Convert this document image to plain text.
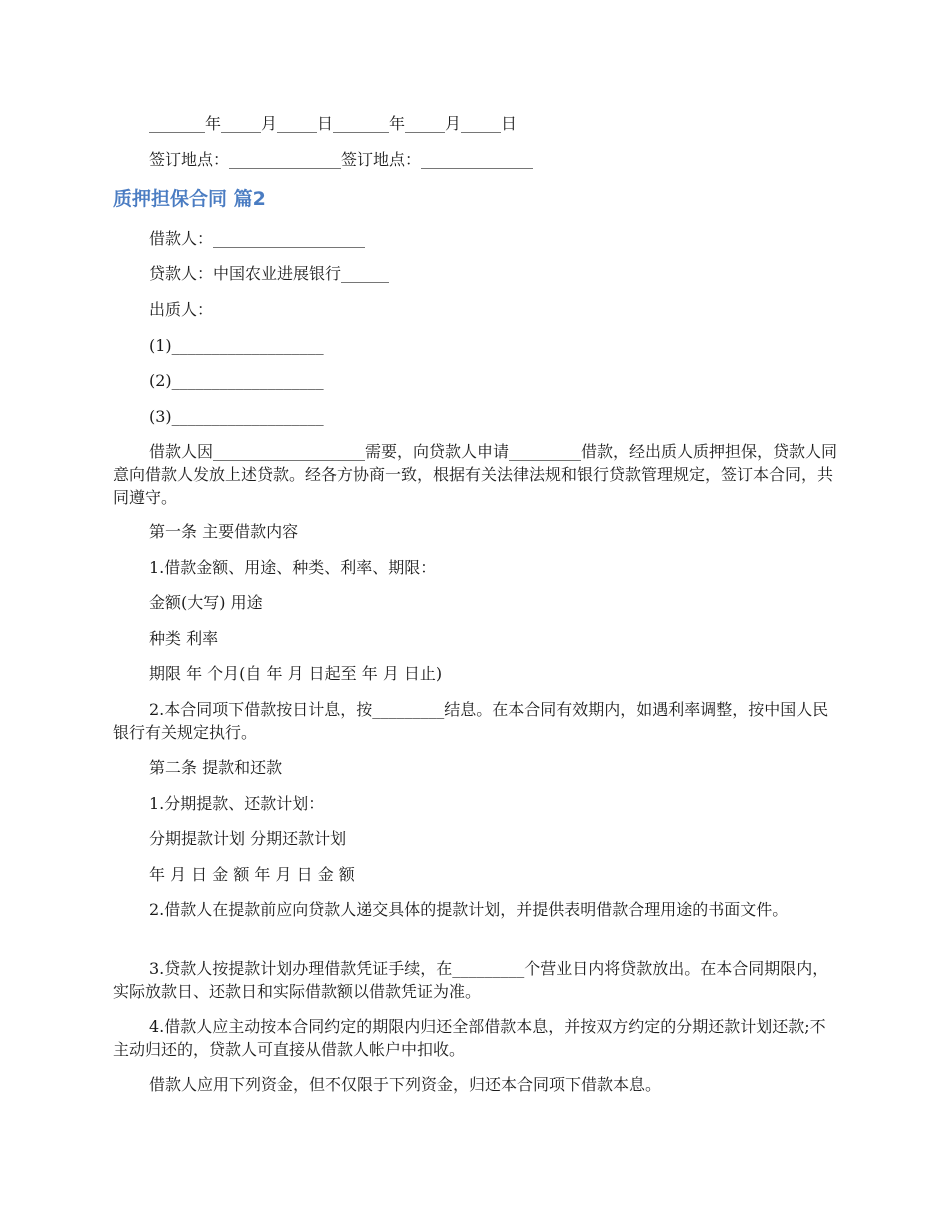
_______年_____月_____日_______年_____月_____日
签订地点：______________签订地点：______________
质押担保合同 篇2
借款人：___________________
贷款人：中国农业进展银行______
出质人：
(1)___________________
(2)___________________
(3)___________________
借款人因___________________需要，向贷款人申请_________借款，经出质人质押担保，贷款人同意向借款人发放上述贷款。经各方协商一致，根据有关法律法规和银行贷款管理规定，签订本合同，共同遵守。
第一条 主要借款内容
1.借款金额、用途、种类、利率、期限：
金额(大写) 用途
种类 利率
期限 年 个月(自 年 月 日起至 年 月 日止)
2.本合同项下借款按日计息，按_________结息。在本合同有效期内，如遇利率调整，按中国人民银行有关规定执行。
第二条 提款和还款
1.分期提款、还款计划：
分期提款计划 分期还款计划
年 月 日 金 额 年 月 日 金 额
2.借款人在提款前应向贷款人递交具体的提款计划，并提供表明借款合理用途的书面文件。
3.贷款人按提款计划办理借款凭证手续，在_________个营业日内将贷款放出。在本合同期限内，实际放款日、还款日和实际借款额以借款凭证为准。
4.借款人应主动按本合同约定的期限内归还全部借款本息，并按双方约定的分期还款计划还款;不主动归还的，贷款人可直接从借款人帐户中扣收。
借款人应用下列资金，但不仅限于下列资金，归还本合同项下借款本息。
